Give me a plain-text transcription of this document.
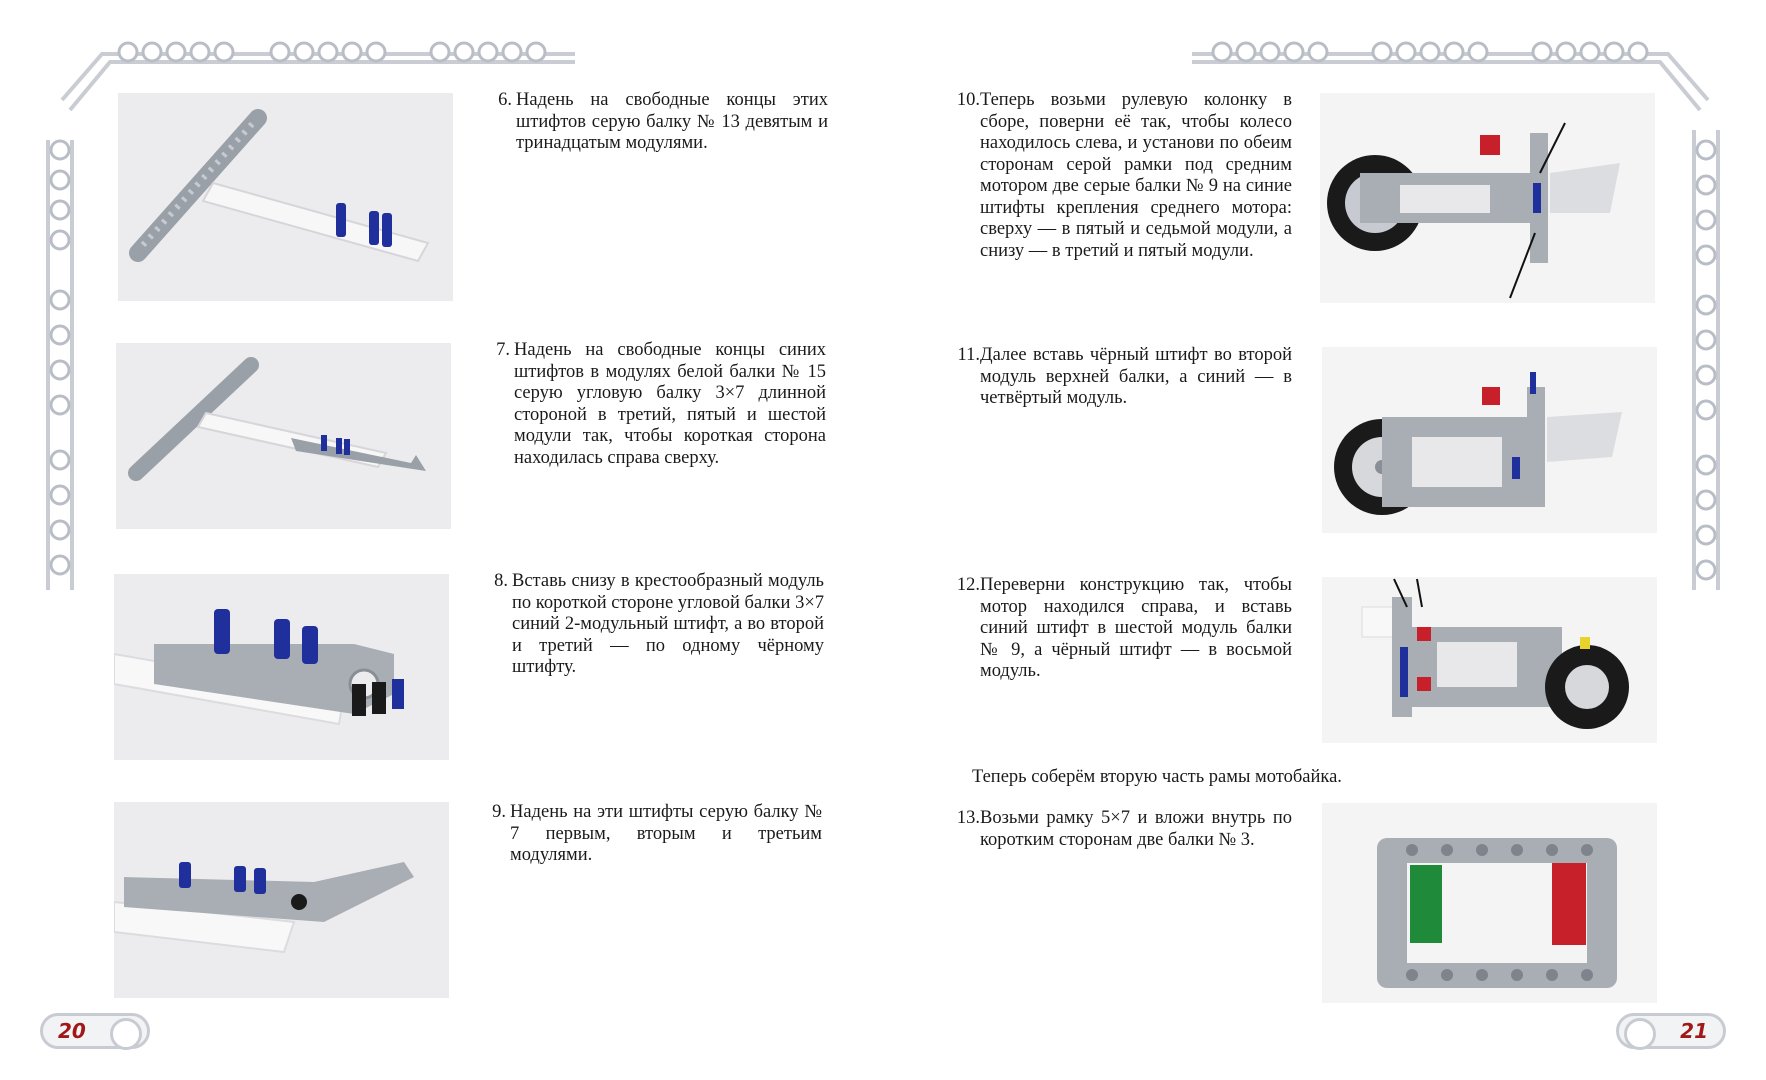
6. Надень на свободные концы этих штифтов серую балку № 13 девятым и тринадцатым модулями.
7. Надень на свободные концы синих штифтов в модулях белой балки № 15 серую угловую балку 3×7 длинной стороной в третий, пятый и шестой модули так, чтобы короткая сторона находилась справа сверху.
8. Вставь снизу в крестообразный модуль по короткой стороне угловой балки 3×7 синий 2-модульный штифт, а во второй и третий — по одному чёрному штифту.
9. Надень на эти штифты серую балку № 7 первым, вторым и третьим модулями.
20
10. Теперь возьми рулевую колонку в сборе, поверни её так, чтобы колесо находилось слева, и установи по обеим сторонам серой рамки под средним мотором две серые балки № 9 на синие штифты крепления среднего мотора: сверху — в пятый и седьмой модули, а снизу — в третий и пятый модули.
11. Далее вставь чёрный штифт во второй модуль верхней балки, а синий — в четвёртый модуль.
12. Переверни конструкцию так, чтобы мотор находился справа, и вставь синий штифт в шестой модуль балки № 9, а чёрный штифт — в восьмой модуль.
Теперь соберём вторую часть рамы мотобайка.
13. Возьми рамку 5×7 и вложи внутрь по коротким сторонам две балки № 3.
21
